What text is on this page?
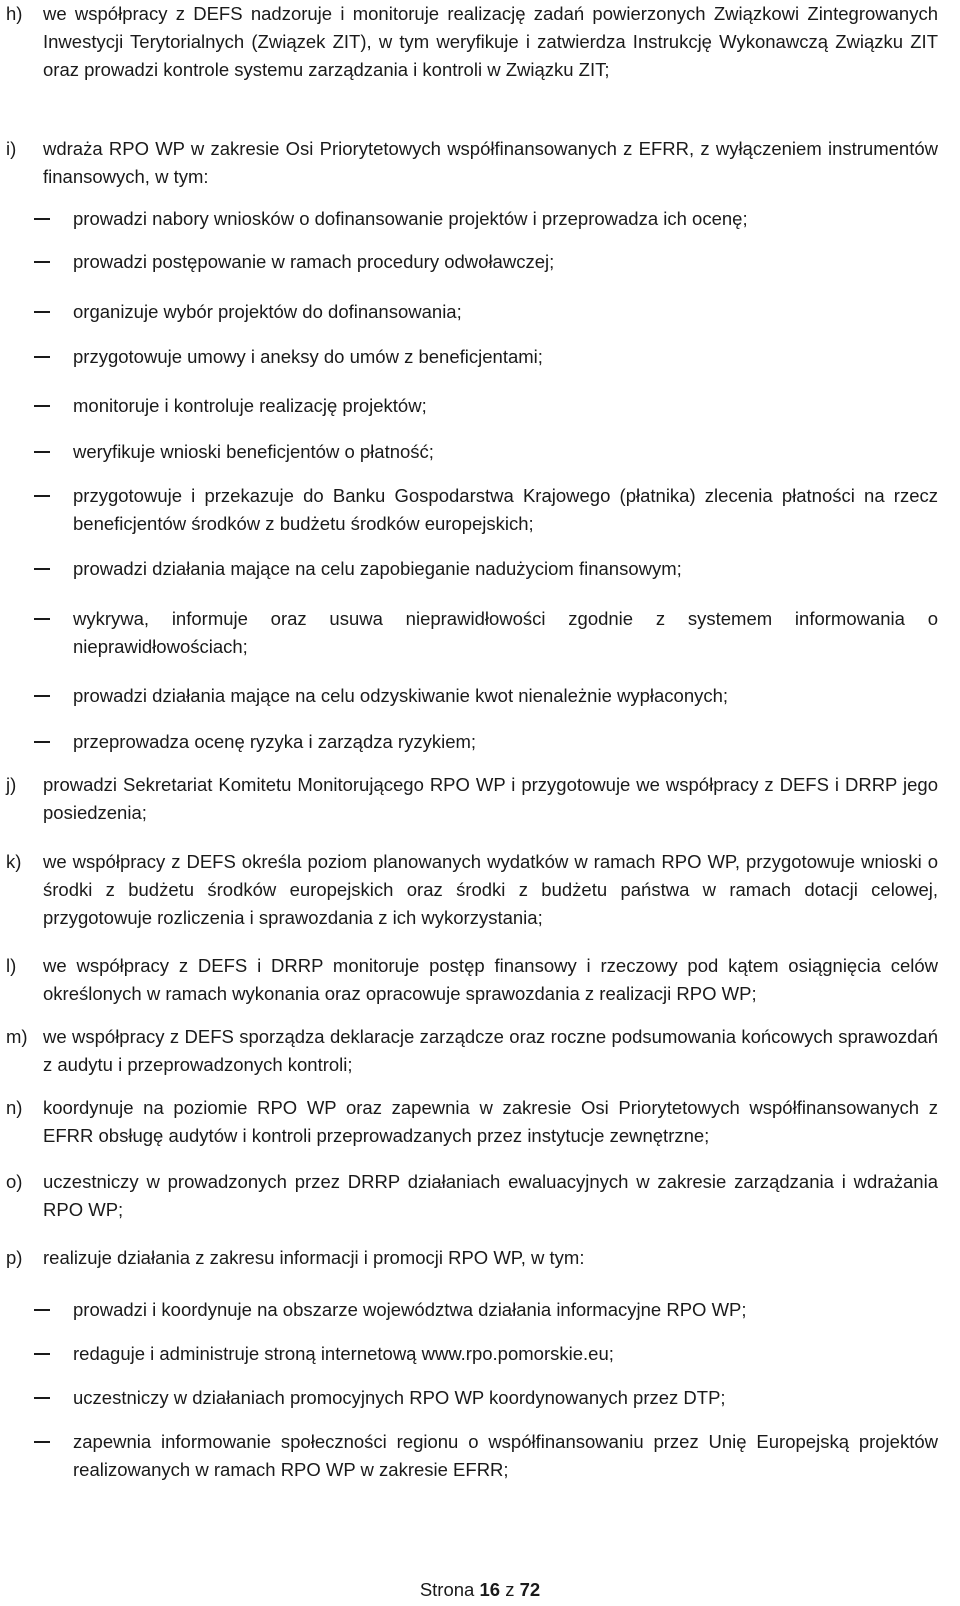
h) we współpracy z DEFS nadzoruje i monitoruje realizację zadań powierzonych Związkowi Zintegrowanych Inwestycji Terytorialnych (Związek ZIT), w tym weryfikuje i zatwierdza Instrukcję Wykonawczą Związku ZIT oraz prowadzi kontrole systemu zarządzania i kontroli w Związku ZIT;
i) wdraża RPO WP w zakresie Osi Priorytetowych współfinansowanych z EFRR, z wyłączeniem instrumentów finansowych, w tym:
prowadzi nabory wniosków o dofinansowanie projektów i przeprowadza ich ocenę;
prowadzi postępowanie w ramach procedury odwoławczej;
organizuje wybór projektów do dofinansowania;
przygotowuje umowy i aneksy do umów z beneficjentami;
monitoruje i kontroluje realizację projektów;
weryfikuje wnioski beneficjentów o płatność;
przygotowuje i przekazuje do Banku Gospodarstwa Krajowego (płatnika) zlecenia płatności na rzecz beneficjentów środków z budżetu środków europejskich;
prowadzi działania mające na celu zapobieganie nadużyciom finansowym;
wykrywa, informuje oraz usuwa nieprawidłowości zgodnie z systemem informowania o nieprawidłowościach;
prowadzi działania mające na celu odzyskiwanie kwot nienależnie wypłaconych;
przeprowadza ocenę ryzyka i zarządza ryzykiem;
j) prowadzi Sekretariat Komitetu Monitorującego RPO WP i przygotowuje we współpracy z DEFS i DRRP jego posiedzenia;
k) we współpracy z DEFS określa poziom planowanych wydatków w ramach RPO WP, przygotowuje wnioski o środki z budżetu środków europejskich oraz środki z budżetu państwa w ramach dotacji celowej, przygotowuje rozliczenia i sprawozdania z ich wykorzystania;
l) we współpracy z DEFS i DRRP monitoruje postęp finansowy i rzeczowy pod kątem osiągnięcia celów określonych w ramach wykonania oraz opracowuje sprawozdania z realizacji RPO WP;
m) we współpracy z DEFS sporządza deklaracje zarządcze oraz roczne podsumowania końcowych sprawozdań z audytu i przeprowadzonych kontroli;
n) koordynuje na poziomie RPO WP oraz zapewnia w zakresie Osi Priorytetowych współfinansowanych z EFRR obsługę audytów i kontroli przeprowadzanych przez instytucje zewnętrzne;
o) uczestniczy w prowadzonych przez DRRP działaniach ewaluacyjnych w zakresie zarządzania i wdrażania RPO WP;
p) realizuje działania z zakresu informacji i promocji RPO WP, w tym:
prowadzi i koordynuje na obszarze województwa działania informacyjne RPO WP;
redaguje i administruje stroną internetową www.rpo.pomorskie.eu;
uczestniczy w działaniach promocyjnych RPO WP koordynowanych przez DTP;
zapewnia informowanie społeczności regionu o współfinansowaniu przez Unię Europejską projektów realizowanych w ramach RPO WP w zakresie EFRR;
Strona 16 z 72
